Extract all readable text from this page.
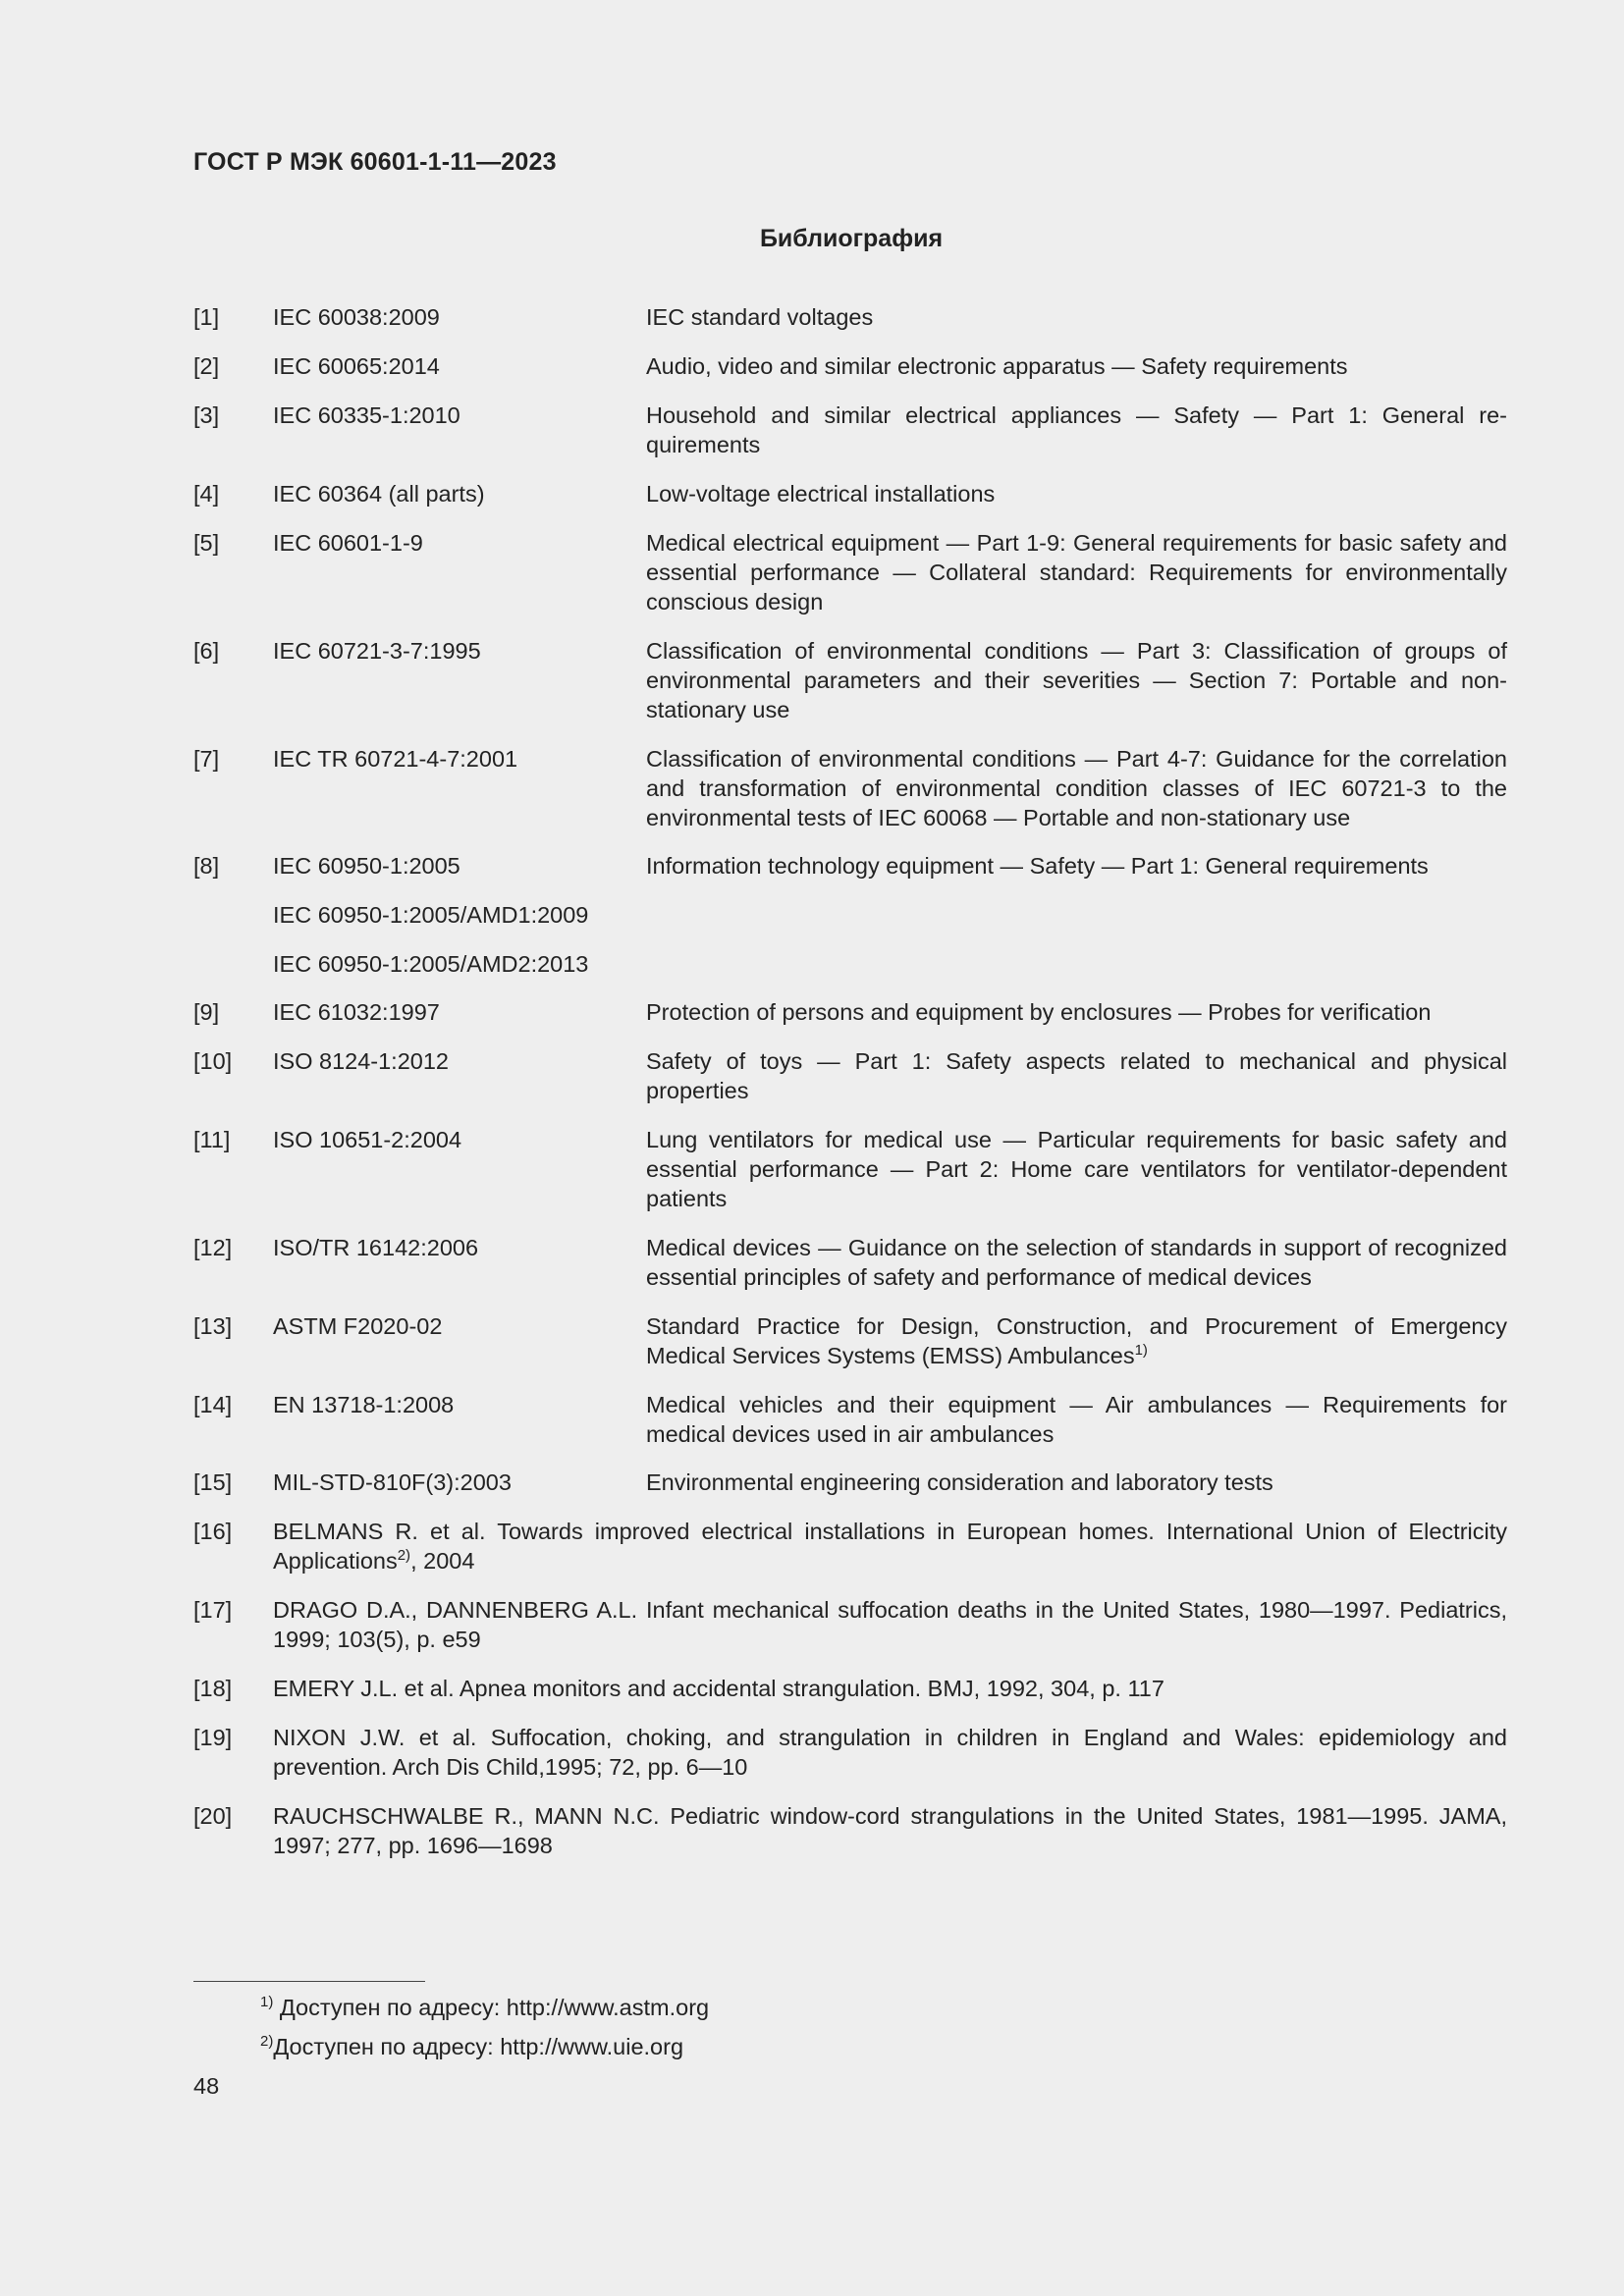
ГОСТ Р МЭК 60601-1-11—2023
Библиография
[1] IEC 60038:2009	IEC standard voltages
[2] IEC 60065:2014	Audio, video and similar electronic apparatus — Safety requirements
[3] IEC 60335-1:2010	Household and similar electrical appliances — Safety — Part 1: General requirements
[4] IEC 60364 (all parts)	Low-voltage electrical installations
[5] IEC 60601-1-9	Medical electrical equipment — Part 1-9: General requirements for basic safety and essential performance — Collateral standard: Requirements for environmentally conscious design
[6] IEC 60721-3-7:1995	Classification of environmental conditions — Part 3: Classification of groups of environmental parameters and their severities — Section 7: Portable and non-stationary use
[7] IEC TR 60721-4-7:2001	Classification of environmental conditions — Part 4-7: Guidance for the correlation and transformation of environmental condition classes of IEC 60721-3 to the environmental tests of IEC 60068 — Portable and non-stationary use
[8] IEC 60950-1:2005	Information technology equipment — Safety — Part 1: General requirements
IEC 60950-1:2005/AMD1:2009
IEC 60950-1:2005/AMD2:2013
[9] IEC 61032:1997	Protection of persons and equipment by enclosures — Probes for verification
[10] ISO 8124-1:2012	Safety of toys — Part 1: Safety aspects related to mechanical and physical properties
[11] ISO 10651-2:2004	Lung ventilators for medical use — Particular requirements for basic safety and essential performance — Part 2: Home care ventilators for ventilator-dependent patients
[12] ISO/TR 16142:2006	Medical devices — Guidance on the selection of standards in support of recognized essential principles of safety and performance of medical devices
[13] ASTM F2020-02	Standard Practice for Design, Construction, and Procurement of Emergency Medical Services Systems (EMSS) Ambulances$^{1)}$
[14] EN 13718-1:2008	Medical vehicles and their equipment — Air ambulances — Requirements for medical devices used in air ambulances
[15] MIL-STD-810F(3):2003	Environmental engineering consideration and laboratory tests
[16] BELMANS R. et al. Towards improved electrical installations in European homes. International Union of Electricity Applications$^{2)}$, 2004
[17] DRAGO D.A., DANNENBERG A.L. Infant mechanical suffocation deaths in the United States, 1980—1997. Pediatrics, 1999; 103(5), p. e59
[18] EMERY J.L. et al. Apnea monitors and accidental strangulation. BMJ, 1992, 304, p. 117
[19] NIXON J.W. et al. Suffocation, choking, and strangulation in children in England and Wales: epidemiology and prevention. Arch Dis Child,1995; 72, pp. 6—10
[20] RAUCHSCHWALBE R., MANN N.C. Pediatric window-cord strangulations in the United States, 1981—1995. JAMA, 1997; 277, pp. 1696—1698
$^{1)}$ Доступен по адресу: http://www.astm.org
$^{2)}$Доступен по адресу: http://www.uie.org
48
